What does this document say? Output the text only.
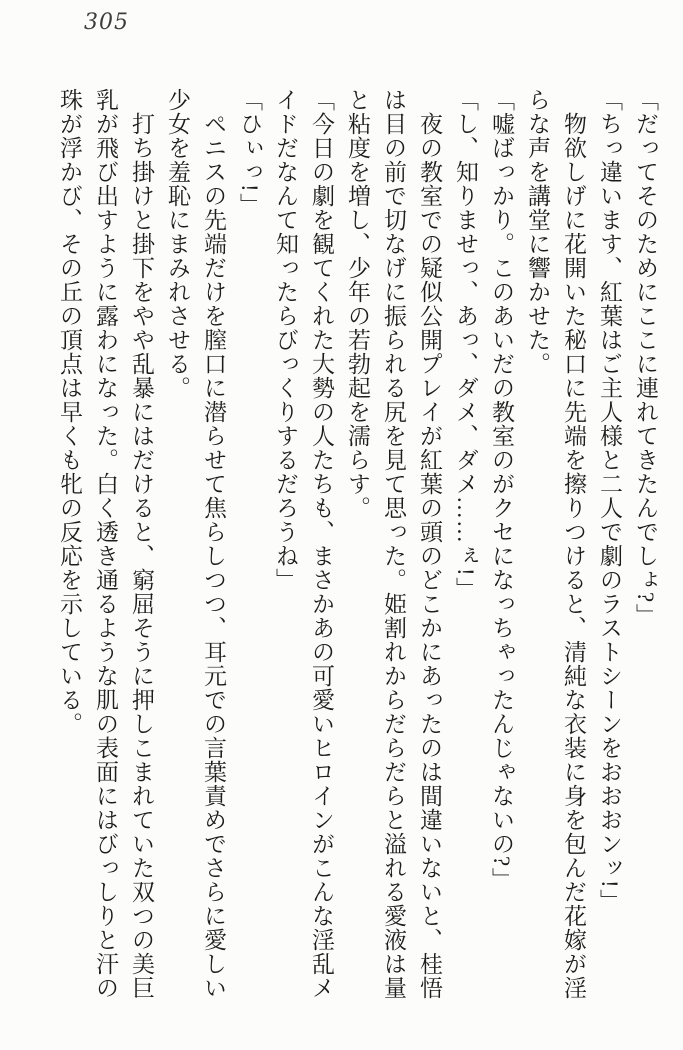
305
「だってそのためにここに連れてきたんでしょ?」
「ちっ違います、紅葉はご主人様と二人で劇のラストシーンをおおおンッ!」
物欲しげに花開いた秘口に先端を擦りつけると、清純な衣装に身を包んだ花嫁が淫
らな声を講堂に響かせた。
「嘘ばっかり。このあいだの教室のがクセになっちゃったんじゃないの?」
「し、知りませっ、あっ、ダメ、ダメ……ぇ!」
夜の教室での疑似公開プレイが紅葉の頭のどこかにあったのは間違いないと、桂悟
は目の前で切なげに振られる尻を見て思った。姫割れからだらだらと溢れる愛液は量
と粘度を増し、少年の若勃起を濡らす。
「今日の劇を観てくれた大勢の人たちも、まさかあの可愛いヒロインがこんな淫乱メ
イドだなんて知ったらびっくりするだろうね」
「ひぃっ!」
ペニスの先端だけを膣口に潜らせて焦らしつつ、耳元での言葉責めでさらに愛しい
少女を羞恥にまみれさせる。
打ち掛けと掛下をやや乱暴にはだけると、窮屈そうに押しこまれていた双つの美巨
乳が飛び出すように露わになった。白く透き通るような肌の表面にはびっしりと汗の
珠が浮かび、その丘の頂点は早くも牝の反応を示している。
